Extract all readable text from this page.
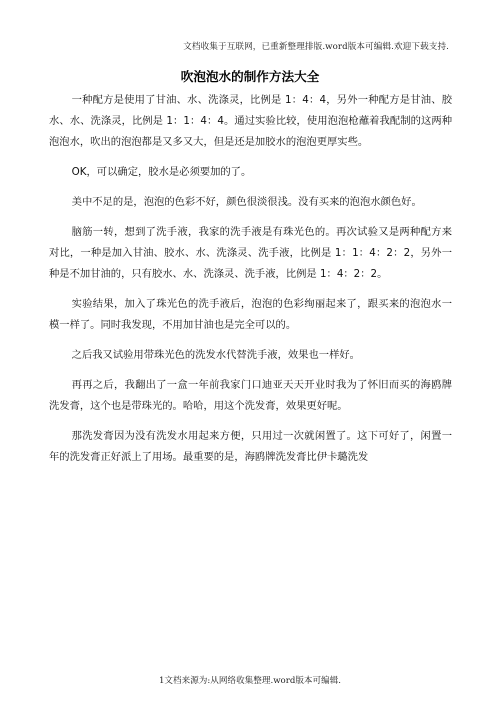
文档收集于互联网，已重新整理排版.word版本可编辑.欢迎下载支持.
吹泡泡水的制作方法大全

一种配方是使用了甘油、水、洗涤灵，比例是 1：4：4，另外一种配方是甘油、胶水、水、洗涤灵，比例是 1：1：4：4。通过实验比较，使用泡泡枪蘸着我配制的这两种泡泡水，吹出的泡泡都是又多又大，但是还是加胶水的泡泡更厚实些。

OK，可以确定，胶水是必须要加的了。

美中不足的是，泡泡的色彩不好，颜色很淡很浅。没有买来的泡泡水颜色好。

脑筋一转，想到了洗手液，我家的洗手液是有珠光色的。再次试验又是两种配方来对比，一种是加入甘油、胶水、水、洗涤灵、洗手液，比例是 1：1：4：2：2，另外一种是不加甘油的，只有胶水、水、洗涤灵、洗手液，比例是 1：4：2：2。

实验结果，加入了珠光色的洗手液后，泡泡的色彩绚丽起来了，跟买来的泡泡水一模一样了。同时我发现，不用加甘油也是完全可以的。

之后我又试验用带珠光色的洗发水代替洗手液，效果也一样好。

再再之后，我翻出了一盒一年前我家门口迪亚天天开业时我为了怀旧而买的海鸥牌洗发膏，这个也是带珠光的。哈哈，用这个洗发膏，效果更好呢。

那洗发膏因为没有洗发水用起来方便，只用过一次就闲置了。这下可好了，闲置一年的洗发膏正好派上了用场。最重要的是，海鸥牌洗发膏比伊卡璐洗发

1文档来源为:从网络收集整理.word版本可编辑.
